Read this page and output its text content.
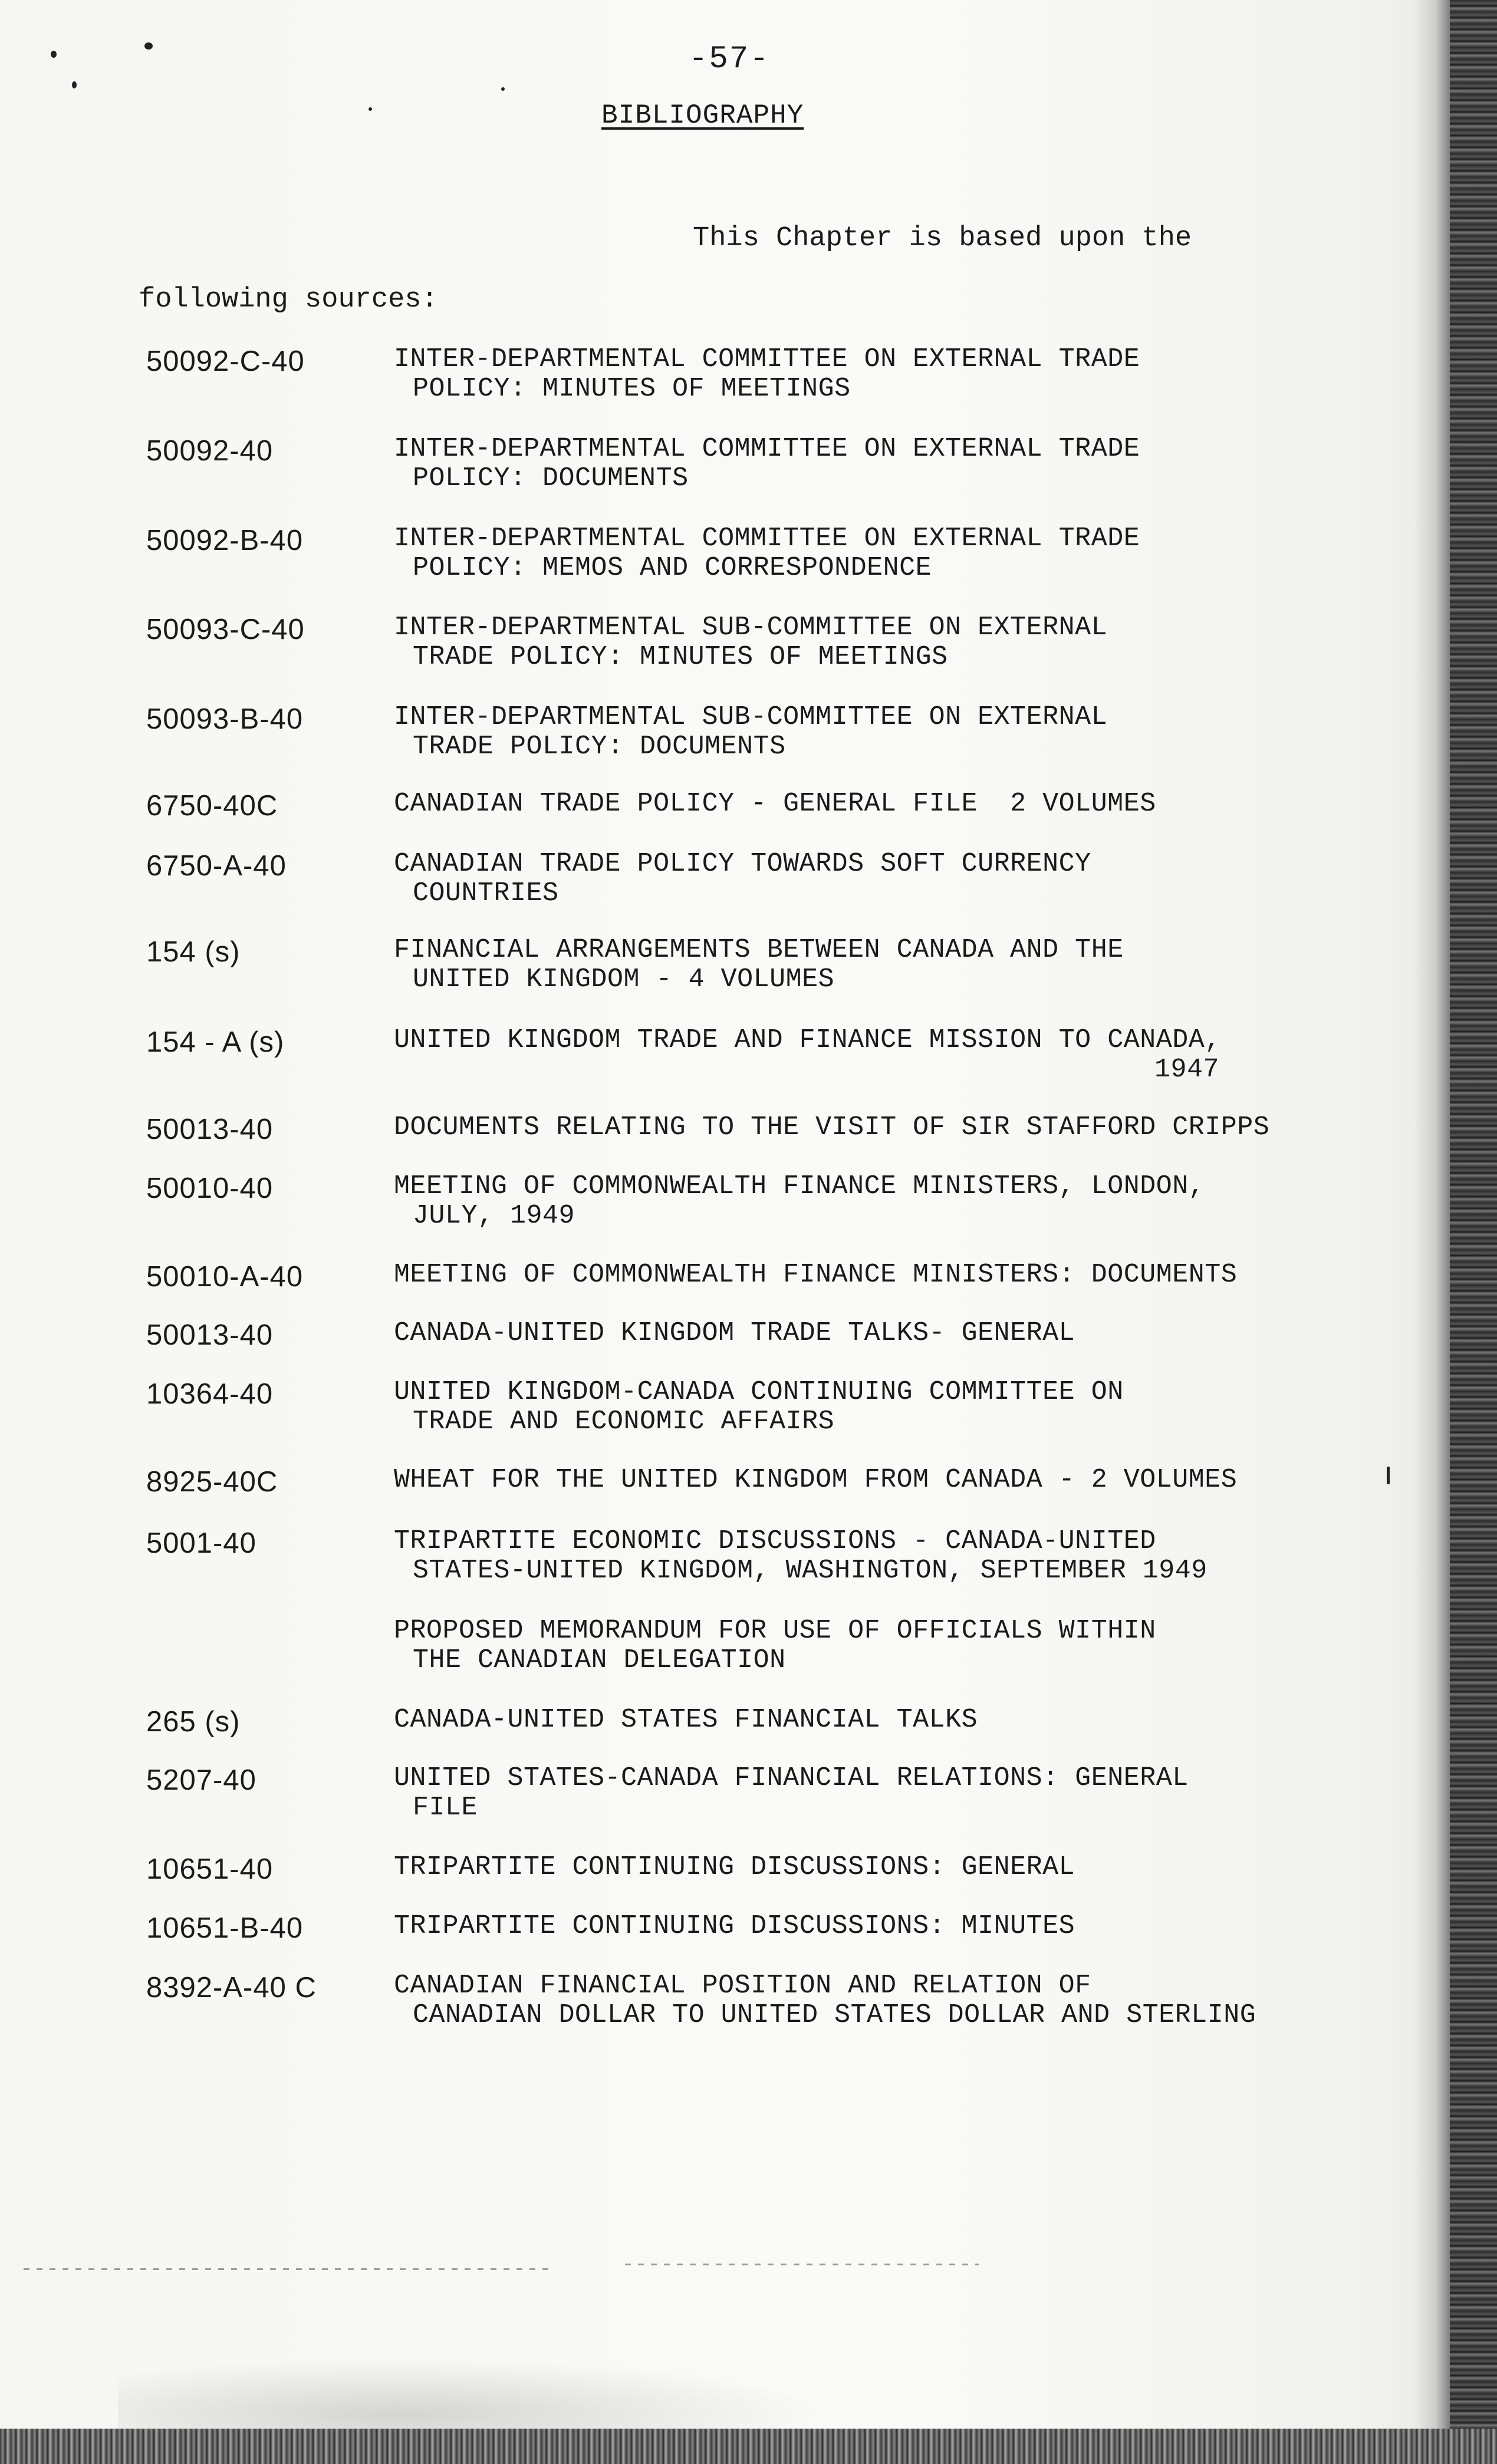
-57-
BIBLIOGRAPHY
This Chapter is based upon the
following sources:
50092-C-40	INTER-DEPARTMENTAL COMMITTEE ON EXTERNAL TRADE
POLICY: MINUTES OF MEETINGS
50092-40	INTER-DEPARTMENTAL COMMITTEE ON EXTERNAL TRADE
POLICY: DOCUMENTS
50092-B-40	INTER-DEPARTMENTAL COMMITTEE ON EXTERNAL TRADE
POLICY: MEMOS AND CORRESPONDENCE
50093-C-40	INTER-DEPARTMENTAL SUB-COMMITTEE ON EXTERNAL
TRADE POLICY: MINUTES OF MEETINGS
50093-B-40	INTER-DEPARTMENTAL SUB-COMMITTEE ON EXTERNAL
TRADE POLICY: DOCUMENTS
6750-40C	CANADIAN TRADE POLICY - GENERAL FILE  2 VOLUMES
6750-A-40	CANADIAN TRADE POLICY TOWARDS SOFT CURRENCY
COUNTRIES
154 (s)	FINANCIAL ARRANGEMENTS BETWEEN CANADA AND THE
UNITED KINGDOM - 4 VOLUMES
154 - A (s)	UNITED KINGDOM TRADE AND FINANCE MISSION TO CANADA,
1947
50013-40	DOCUMENTS RELATING TO THE VISIT OF SIR STAFFORD CRIPPS
50010-40	MEETING OF COMMONWEALTH FINANCE MINISTERS, LONDON,
JULY, 1949
50010-A-40	MEETING OF COMMONWEALTH FINANCE MINISTERS: DOCUMENTS
50013-40	CANADA-UNITED KINGDOM TRADE TALKS- GENERAL
10364-40	UNITED KINGDOM-CANADA CONTINUING COMMITTEE ON
TRADE AND ECONOMIC AFFAIRS
8925-40C	WHEAT FOR THE UNITED KINGDOM FROM CANADA - 2 VOLUMES
5001-40	TRIPARTITE ECONOMIC DISCUSSIONS - CANADA-UNITED
STATES-UNITED KINGDOM, WASHINGTON, SEPTEMBER 1949
PROPOSED MEMORANDUM FOR USE OF OFFICIALS WITHIN
THE CANADIAN DELEGATION
265 (s)	CANADA-UNITED STATES FINANCIAL TALKS
5207-40	UNITED STATES-CANADA FINANCIAL RELATIONS: GENERAL
FILE
10651-40	TRIPARTITE CONTINUING DISCUSSIONS: GENERAL
10651-B-40	TRIPARTITE CONTINUING DISCUSSIONS: MINUTES
8392-A-40 C	CANADIAN FINANCIAL POSITION AND RELATION OF
CANADIAN DOLLAR TO UNITED STATES DOLLAR AND STERLING
